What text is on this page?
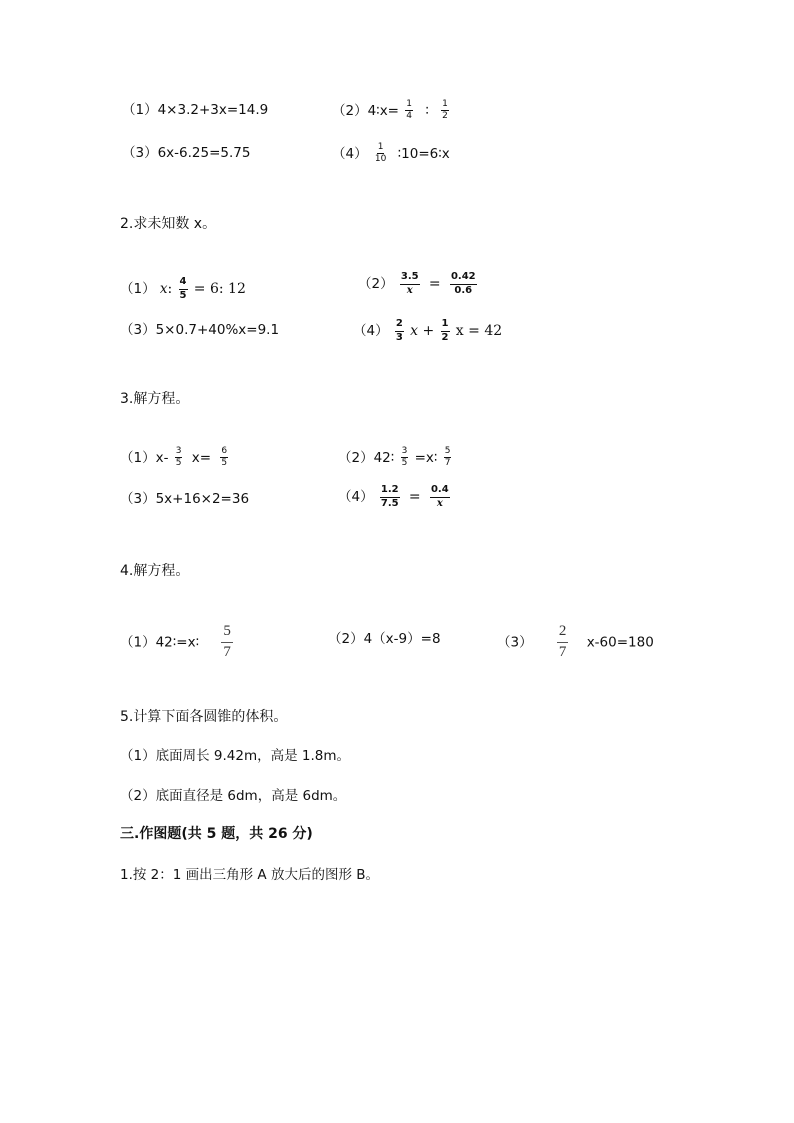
（1）4×3.2+3x=14.9	（2）4∶x= $\frac{1}{4}$ ∶ $\frac{1}{2}$
（3）6x-6.25=5.75	$(4) \frac{1}{10}$ ∶10=6∶x
2.求未知数 x。
（1） x: $\frac{4}{5} = 6$: 12	$(2) \frac{3.5}{x} = \frac{0.42}{0.6}$
（3）5×0.7+40%x=9.1	$(4) \frac{2}{3}$ $x + \frac{1}{2}$ x = 42
3.解方程。
$(1)x- \frac{3}{5} x= \frac{6}{5}$	（2）42∶ $\frac{3}{5}$ =x∶ $\frac{5}{7}$
（3）5x+16×2=36	$(4) \frac{1.2}{7.5} = \frac{0.4}{x}$
4.解方程。
（1）42∶=x∶ $\frac{5}{7}$	（2）4（x-9）=8	$(3) \frac{2}{7} x-60=180$
5.计算下面各圆锥的体积。
（1）底面周长 9.42m，高是 1.8m。
（2）底面直径是 6dm，高是 6dm。
三.作图题(共 5 题，共 26 分)
1.按 2：1 画出三角形 A 放大后的图形 B。
